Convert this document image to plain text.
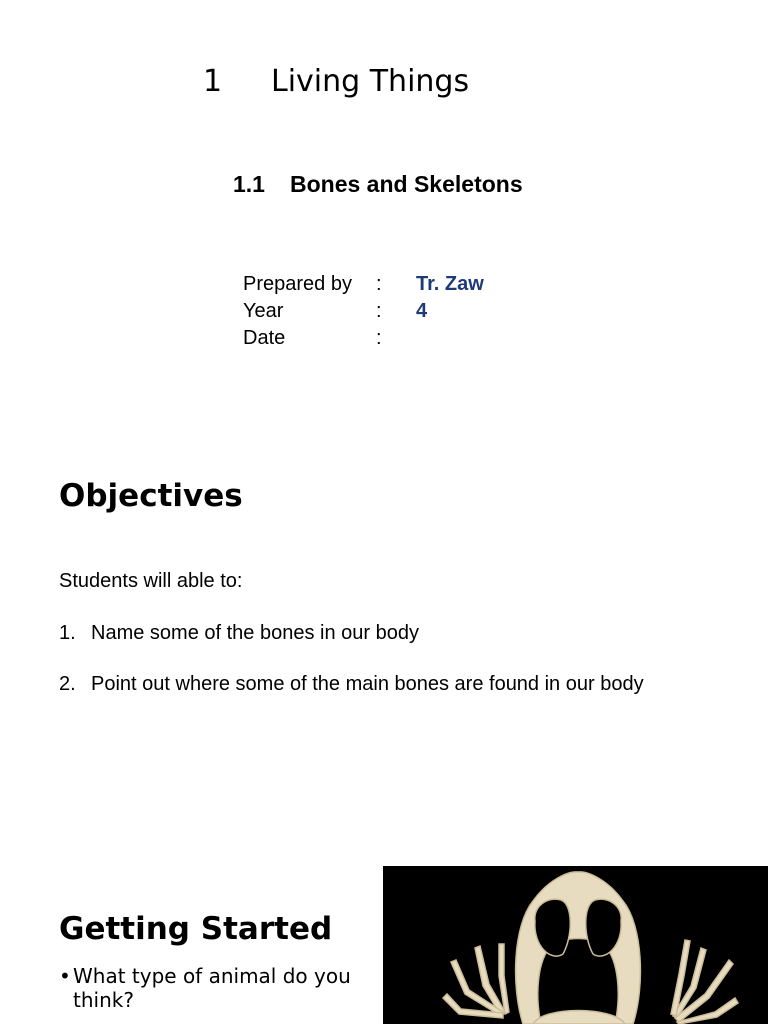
1 Living Things
1.1 Bones and Skeletons
Prepared by	:	Tr. Zaw
Year	:	4
Date	:
Objectives
Students will able to:
1. Name some of the bones in our body
2. Point out where some of the main bones are found in our body
Getting Started
• What type of animal do you think?
